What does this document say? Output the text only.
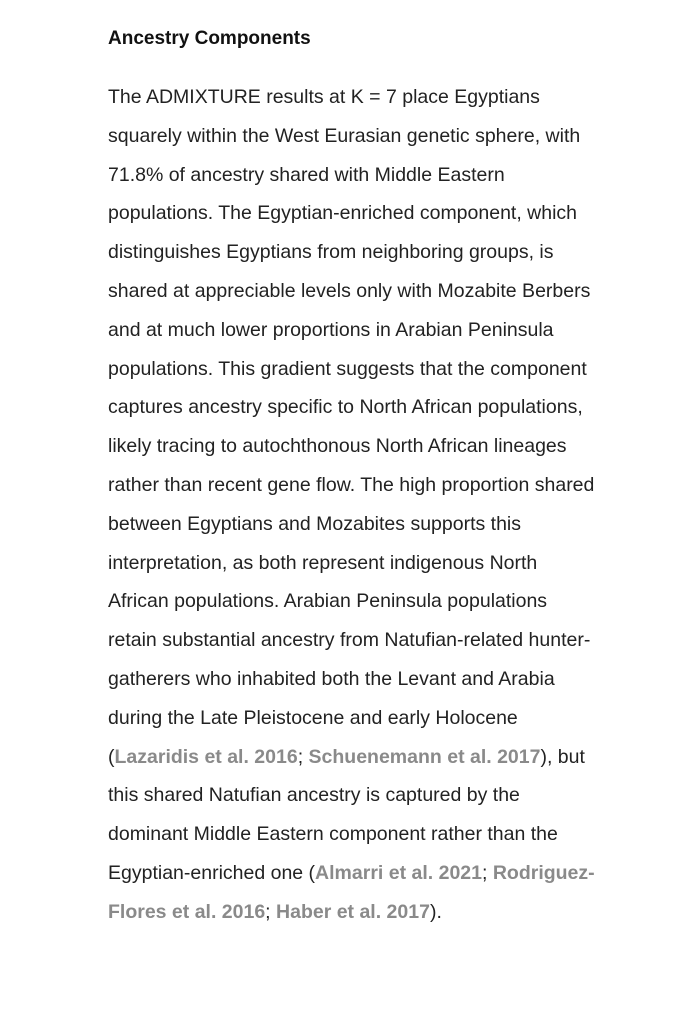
Ancestry Components

The ADMIXTURE results at K = 7 place Egyptians squarely within the West Eurasian genetic sphere, with 71.8% of ancestry shared with Middle Eastern populations. The Egyptian-enriched component, which distinguishes Egyptians from neighboring groups, is shared at appreciable levels only with Mozabite Berbers and at much lower proportions in Arabian Peninsula populations. This gradient suggests that the component captures ancestry specific to North African populations, likely tracing to autochthonous North African lineages rather than recent gene flow. The high proportion shared between Egyptians and Mozabites supports this interpretation, as both represent indigenous North African populations. Arabian Peninsula populations retain substantial ancestry from Natufian-related hunter-gatherers who inhabited both the Levant and Arabia during the Late Pleistocene and early Holocene (Lazaridis et al. 2016; Schuenemann et al. 2017), but this shared Natufian ancestry is captured by the dominant Middle Eastern component rather than the Egyptian-enriched one (Almarri et al. 2021; Rodriguez-Flores et al. 2016; Haber et al. 2017).
